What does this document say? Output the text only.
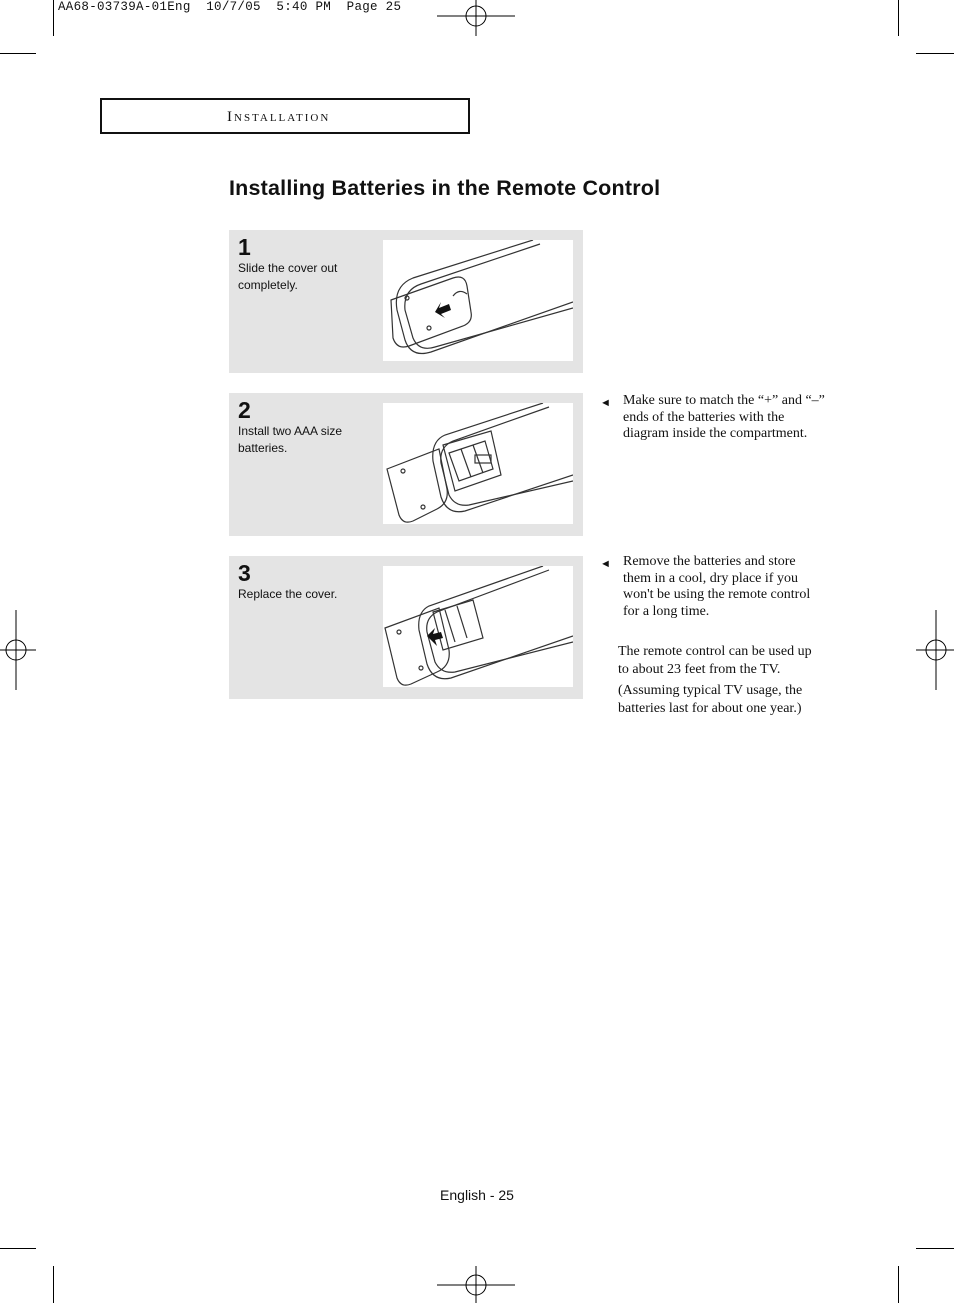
AA68-03739A-01Eng  10/7/05  5:40 PM  Page 25
Installation
Installing Batteries in the Remote Control
1
Slide the cover out completely.
2
Install two AAA size batteries.
3
Replace the cover.
◄ Make sure to match the “+” and “–” ends of the batteries with the diagram inside the compartment.
◄ Remove the batteries and store them in a cool, dry place if you won't be using the remote control for a long time.
The remote control can be used up to about 23 feet from the TV.
(Assuming typical TV usage, the batteries last for about one year.)
English - 25
